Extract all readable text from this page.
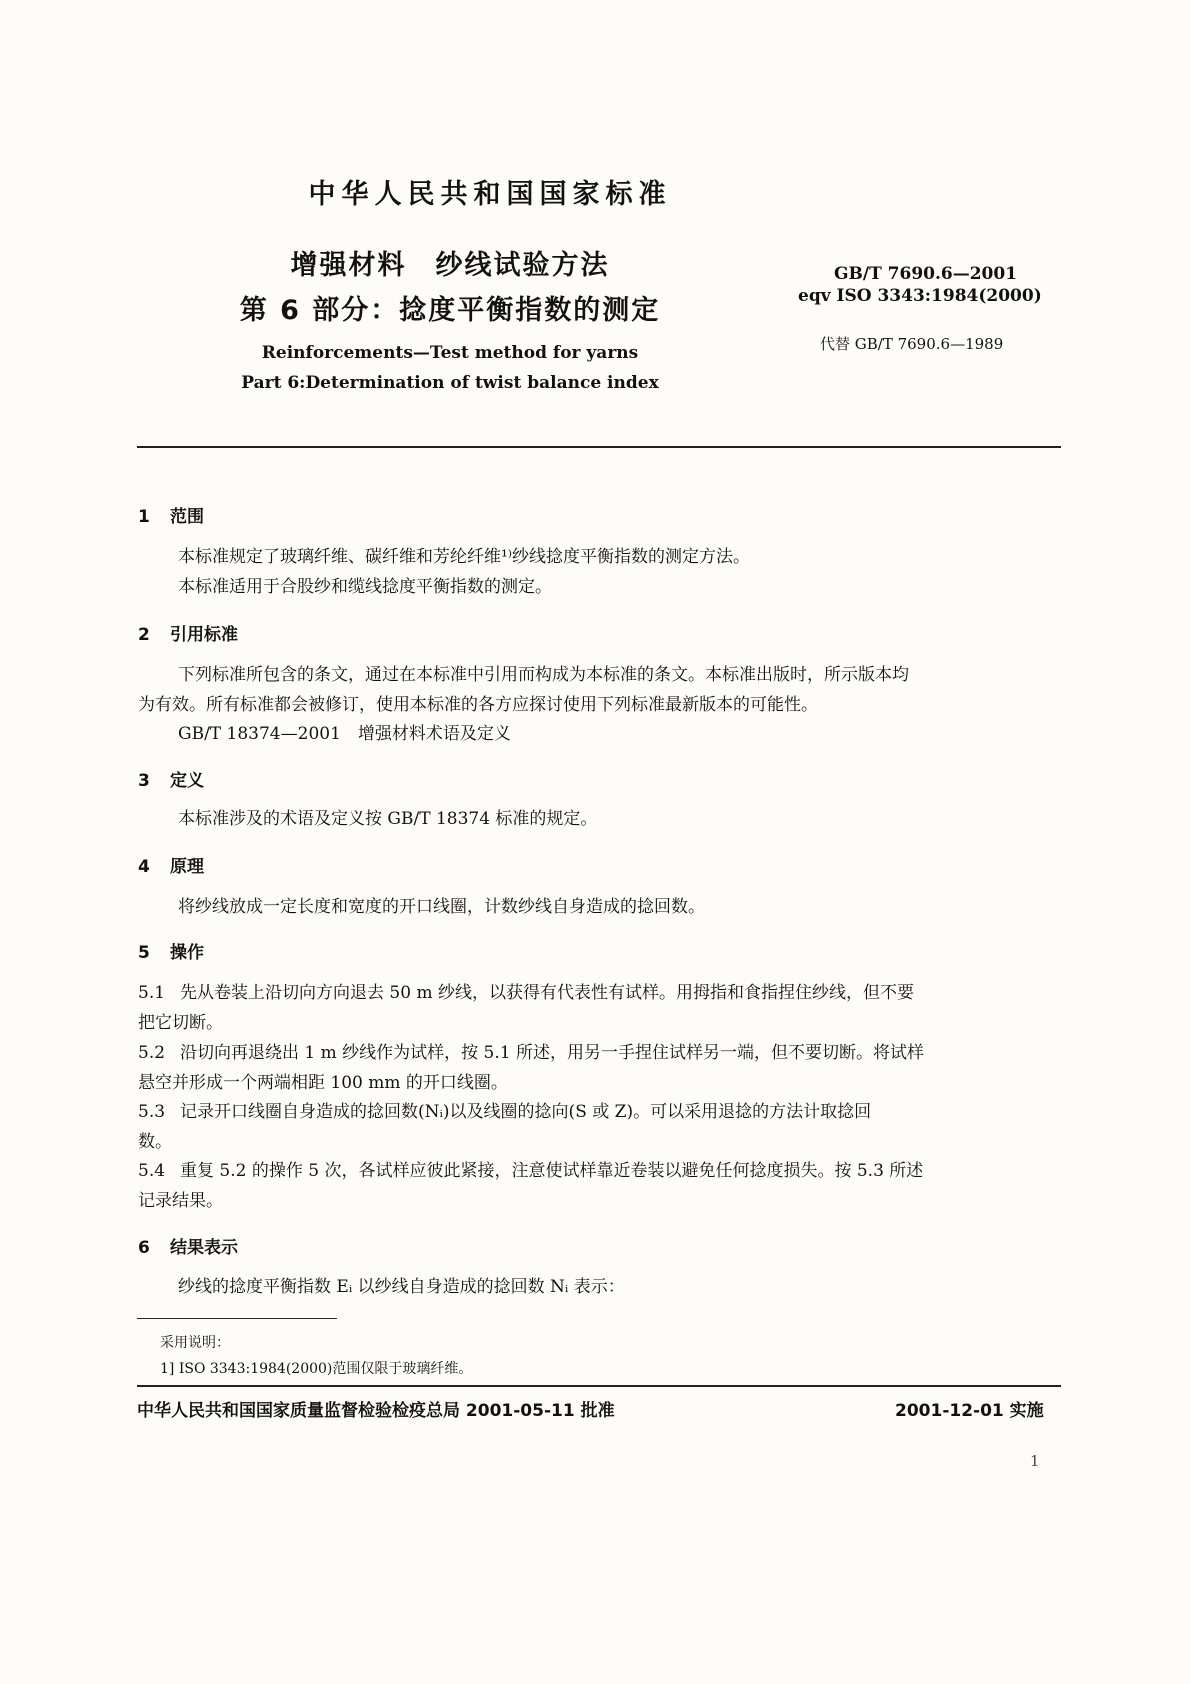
中华人民共和国国家标准
增强材料　纱线试验方法
第 6 部分：捻度平衡指数的测定
Reinforcements—Test method for yarns
Part 6:Determination of twist balance index
GB/T 7690.6—2001
eqv ISO 3343:1984(2000)
代替 GB/T 7690.6—1989
1 范围
本标准规定了玻璃纤维、碳纤维和芳纶纤维¹⁾纱线捻度平衡指数的测定方法。
本标准适用于合股纱和缆线捻度平衡指数的测定。
2 引用标准
下列标准所包含的条文，通过在本标准中引用而构成为本标准的条文。本标准出版时，所示版本均
为有效。所有标准都会被修订，使用本标准的各方应探讨使用下列标准最新版本的可能性。
GB/T 18374—2001　增强材料术语及定义
3 定义
本标准涉及的术语及定义按 GB/T 18374 标准的规定。
4 原理
将纱线放成一定长度和宽度的开口线圈，计数纱线自身造成的捻回数。
5 操作
5.1 先从卷装上沿切向方向退去 50 m 纱线，以获得有代表性有试样。用拇指和食指捏住纱线，但不要
把它切断。
5.2 沿切向再退绕出 1 m 纱线作为试样，按 5.1 所述，用另一手捏住试样另一端，但不要切断。将试样
悬空并形成一个两端相距 100 mm 的开口线圈。
5.3 记录开口线圈自身造成的捻回数(Nᵢ)以及线圈的捻向(S 或 Z)。可以采用退捻的方法计取捻回
数。
5.4 重复 5.2 的操作 5 次，各试样应彼此紧接，注意使试样靠近卷装以避免任何捻度损失。按 5.3 所述
记录结果。
6 结果表示
纱线的捻度平衡指数 Eᵢ 以纱线自身造成的捻回数 Nᵢ 表示：
采用说明：
1] ISO 3343:1984(2000)范围仅限于玻璃纤维。
中华人民共和国国家质量监督检验检疫总局 2001-05-11 批准	2001-12-01 实施
1
